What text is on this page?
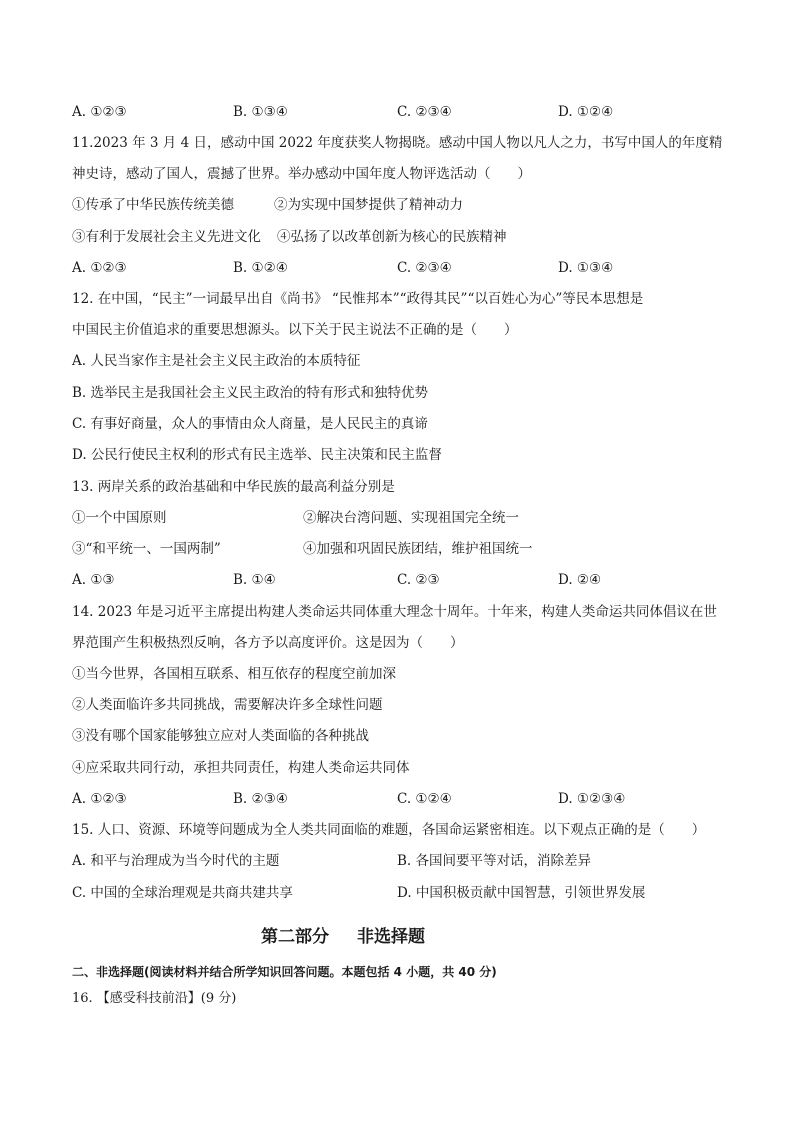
A. ①②③	B. ①③④	C. ②③④	D. ①②④
11.2023 年 3 月 4 日，感动中国 2022 年度获奖人物揭晓。感动中国人物以凡人之力，书写中国人的年度精
神史诗，感动了国人，震撼了世界。举办感动中国年度人物评选活动（　　）
①传承了中华民族传统美德	②为实现中国梦提供了精神动力
③有利于发展社会主义先进文化 ④弘扬了以改革创新为核心的民族精神
A. ①②③	B. ①②④	C. ②③④	D. ①③④
12. 在中国，“民主”一词最早出自《尚书》 “民惟邦本”“政得其民”“以百姓心为心”等民本思想是
中国民主价值追求的重要思想源头。以下关于民主说法不正确的是（　　）
A. 人民当家作主是社会主义民主政治的本质特征
B. 选举民主是我国社会主义民主政治的特有形式和独特优势
C. 有事好商量，众人的事情由众人商量，是人民民主的真谛
D. 公民行使民主权利的形式有民主选举、民主决策和民主监督
13. 两岸关系的政治基础和中华民族的最高利益分别是
①一个中国原则	②解决台湾问题、实现祖国完全统一
③“和平统一、一国两制”	④加强和巩固民族团结，维护祖国统一
A. ①③	B. ①④	C. ②③	D. ②④
14. 2023 年是习近平主席提出构建人类命运共同体重大理念十周年。十年来，构建人类命运共同体倡议在世
界范围产生积极热烈反响，各方予以高度评价。这是因为（　　）
①当今世界，各国相互联系、相互依存的程度空前加深
②人类面临许多共同挑战，需要解决许多全球性问题
③没有哪个国家能够独立应对人类面临的各种挑战
④应采取共同行动，承担共同责任，构建人类命运共同体
A. ①②③	B. ②③④	C. ①②④	D. ①②③④
15. 人口、资源、环境等问题成为全人类共同面临的难题，各国命运紧密相连。以下观点正确的是（　　）
A. 和平与治理成为当今时代的主题	B. 各国间要平等对话，消除差异
C. 中国的全球治理观是共商共建共享	D. 中国积极贡献中国智慧，引领世界发展
第二部分 非选择题
二、非选择题(阅读材料并结合所学知识回答问题。本题包括 4 小题，共 40 分)
16. 【感受科技前沿】(9 分)
